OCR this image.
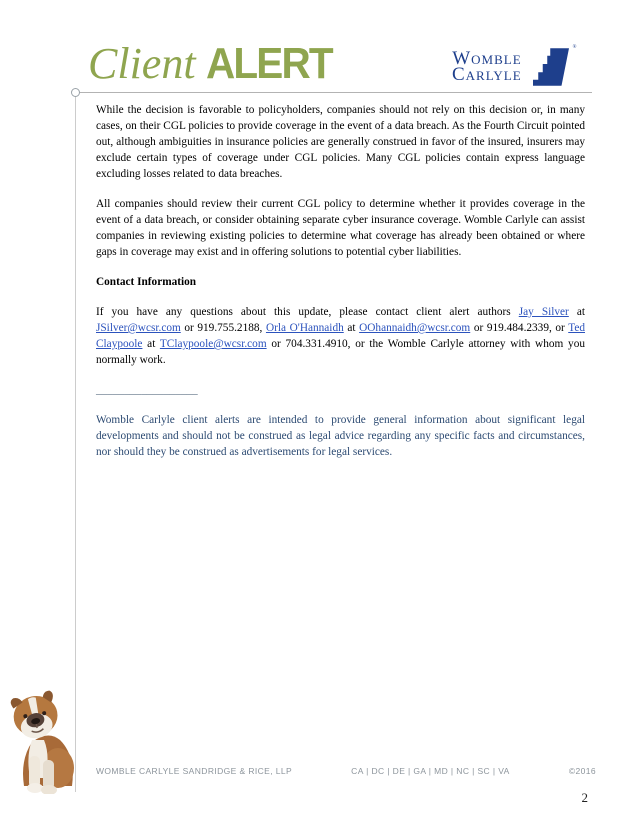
Client ALERT	Womble
Carlyle
®

While the decision is favorable to policyholders, companies should not rely on this decision or, in many cases, on their CGL policies to provide coverage in the event of a data breach. As the Fourth Circuit pointed out, although ambiguities in insurance policies are generally construed in favor of the insured, insurers may exclude certain types of coverage under CGL policies. Many CGL policies contain express language excluding losses related to data breaches.

All companies should review their current CGL policy to determine whether it provides coverage in the event of a data breach, or consider obtaining separate cyber insurance coverage. Womble Carlyle can assist companies in reviewing existing policies to determine what coverage has already been obtained or where gaps in coverage may exist and in offering solutions to potential cyber liabilities.

Contact Information

If you have any questions about this update, please contact client alert authors Jay Silver at JSilver@wcsr.com or 919.755.2188, Orla O'Hannaidh at OOhannaidh@wcsr.com or 919.484.2339, or Ted Claypoole at TClaypoole@wcsr.com or 704.331.4910, or the Womble Carlyle attorney with whom you normally work.

__________________

Womble Carlyle client alerts are intended to provide general information about significant legal developments and should not be construed as legal advice regarding any specific facts and circumstances, nor should they be construed as advertisements for legal services.

WOMBLE CARLYLE SANDRIDGE & RICE, LLP	CA | DC | DE | GA | MD | NC | SC | VA	©2016
2
